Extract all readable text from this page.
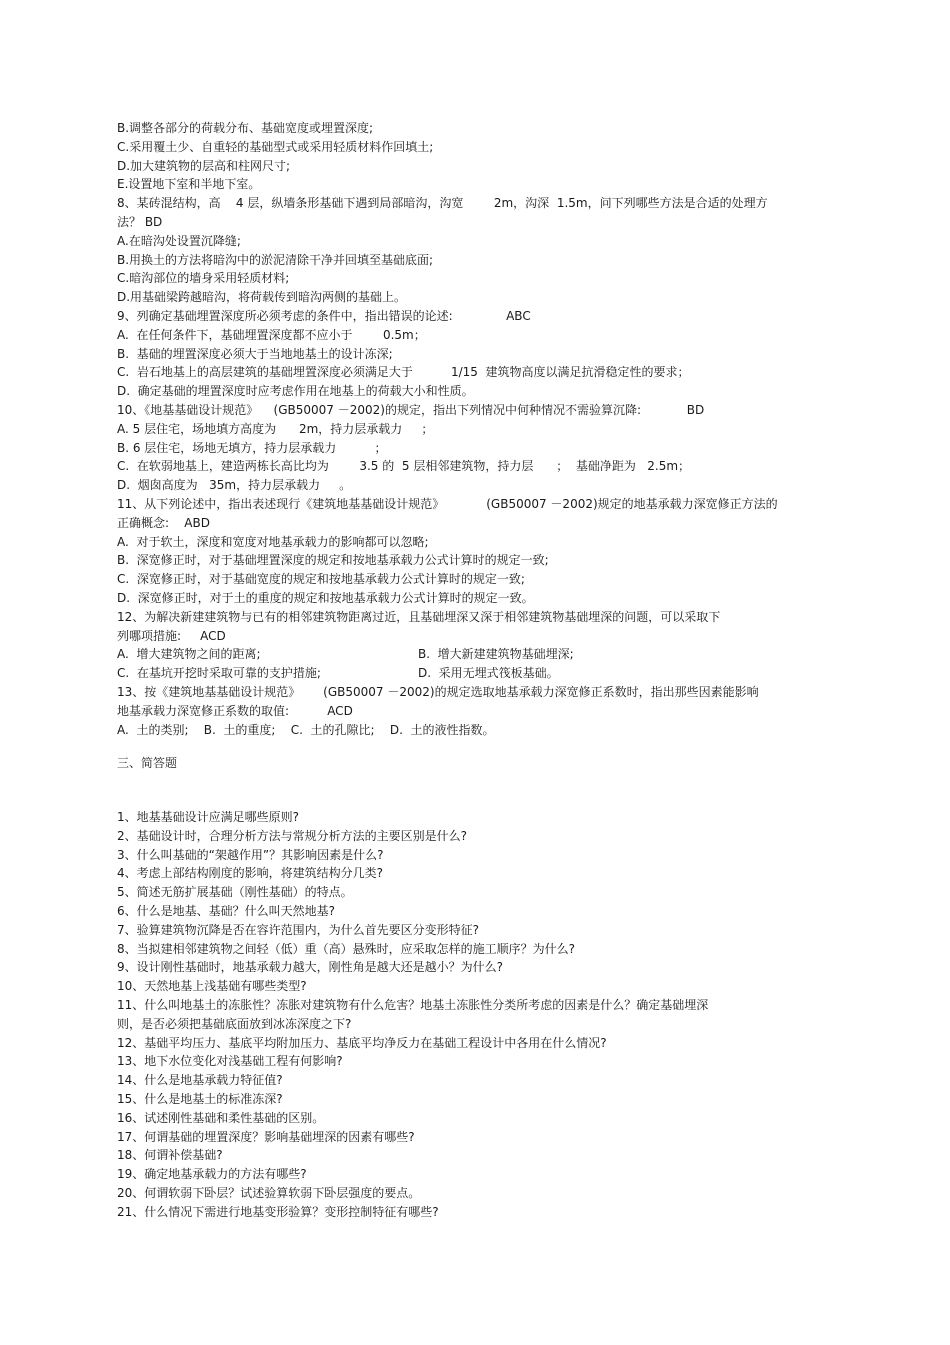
B.调整各部分的荷载分布、基础宽度或埋置深度;
C.采用覆土少、自重轻的基础型式或采用轻质材料作回填土;
D.加大建筑物的层高和柱网尺寸;
E.设置地下室和半地下室。
8、某砖混结构，高    4 层，纵墙条形基础下遇到局部暗沟，沟宽        2m，沟深  1.5m，问下列哪些方法是合适的处理方
法？ BD
A.在暗沟处设置沉降缝;
B.用换土的方法将暗沟中的淤泥清除干净并回填至基础底面;
C.暗沟部位的墙身采用轻质材料;
D.用基础梁跨越暗沟，将荷载传到暗沟两侧的基础上。
9、列确定基础埋置深度所必须考虑的条件中，指出错误的论述:              ABC
A.  在任何条件下，基础埋置深度都不应小于        0.5m；
B.  基础的埋置深度必须大于当地地基土的设计冻深;
C.  岩石地基上的高层建筑的基础埋置深度必须满足大于          1/15  建筑物高度以满足抗滑稳定性的要求；
D.  确定基础的埋置深度时应考虑作用在地基上的荷载大小和性质。
10、《地基基础设计规范》    (GB50007 －2002)的规定，指出下列情况中何种情况不需验算沉降:            BD
A. 5 层住宅，场地填方高度为      2m，持力层承载力     ；
B. 6 层住宅，场地无填方，持力层承载力          ；
C.  在软弱地基上，建造两栋长高比均为        3.5 的  5 层相邻建筑物，持力层      ；  基础净距为   2.5m；
D.  烟囱高度为   35m，持力层承载力     。
11、从下列论述中，指出表述现行《建筑地基基础设计规范》           (GB50007 －2002)规定的地基承载力深宽修正方法的
正确概念:    ABD
A.  对于软土，深度和宽度对地基承载力的影响都可以忽略;
B.  深宽修正时，对于基础埋置深度的规定和按地基承载力公式计算时的规定一致;
C.  深宽修正时，对于基础宽度的规定和按地基承载力公式计算时的规定一致;
D.  深宽修正时，对于土的重度的规定和按地基承载力公式计算时的规定一致。
12、为解决新建建筑物与已有的相邻建筑物距离过近，且基础埋深又深于相邻建筑物基础埋深的问题，可以采取下
列哪项措施:     ACD
A.  增大建筑物之间的距离;	B.  增大新建建筑物基础埋深;
C.  在基坑开挖时采取可靠的支护措施;	D.  采用无埋式筏板基础。
13、按《建筑地基基础设计规范》      (GB50007 －2002)的规定选取地基承载力深宽修正系数时，指出那些因素能影响
地基承载力深宽修正系数的取值:          ACD
A.  土的类别;    B.  土的重度;    C.  土的孔隙比;    D.  土的液性指数。
三、简答题
1、地基基础设计应满足哪些原则?
2、基础设计时，合理分析方法与常规分析方法的主要区别是什么?
3、什么叫基础的“架越作用”？其影响因素是什么?
4、考虑上部结构刚度的影响，将建筑结构分几类?
5、简述无筋扩展基础（刚性基础）的特点。
6、什么是地基、基础？什么叫天然地基?
7、验算建筑物沉降是否在容许范围内，为什么首先要区分变形特征?
8、当拟建相邻建筑物之间轻（低）重（高）悬殊时，应采取怎样的施工顺序？为什么?
9、设计刚性基础时，地基承载力越大，刚性角是越大还是越小？为什么?
10、天然地基上浅基础有哪些类型?
11、什么叫地基土的冻胀性？冻胀对建筑物有什么危害？地基土冻胀性分类所考虑的因素是什么？确定基础埋深
则，是否必须把基础底面放到冰冻深度之下?
12、基础平均压力、基底平均附加压力、基底平均净反力在基础工程设计中各用在什么情况?
13、地下水位变化对浅基础工程有何影响?
14、什么是地基承载力特征值?
15、什么是地基土的标准冻深?
16、试述刚性基础和柔性基础的区别。
17、何谓基础的埋置深度？影响基础埋深的因素有哪些?
18、何谓补偿基础?
19、确定地基承载力的方法有哪些?
20、何谓软弱下卧层？试述验算软弱下卧层强度的要点。
21、什么情况下需进行地基变形验算？变形控制特征有哪些?
